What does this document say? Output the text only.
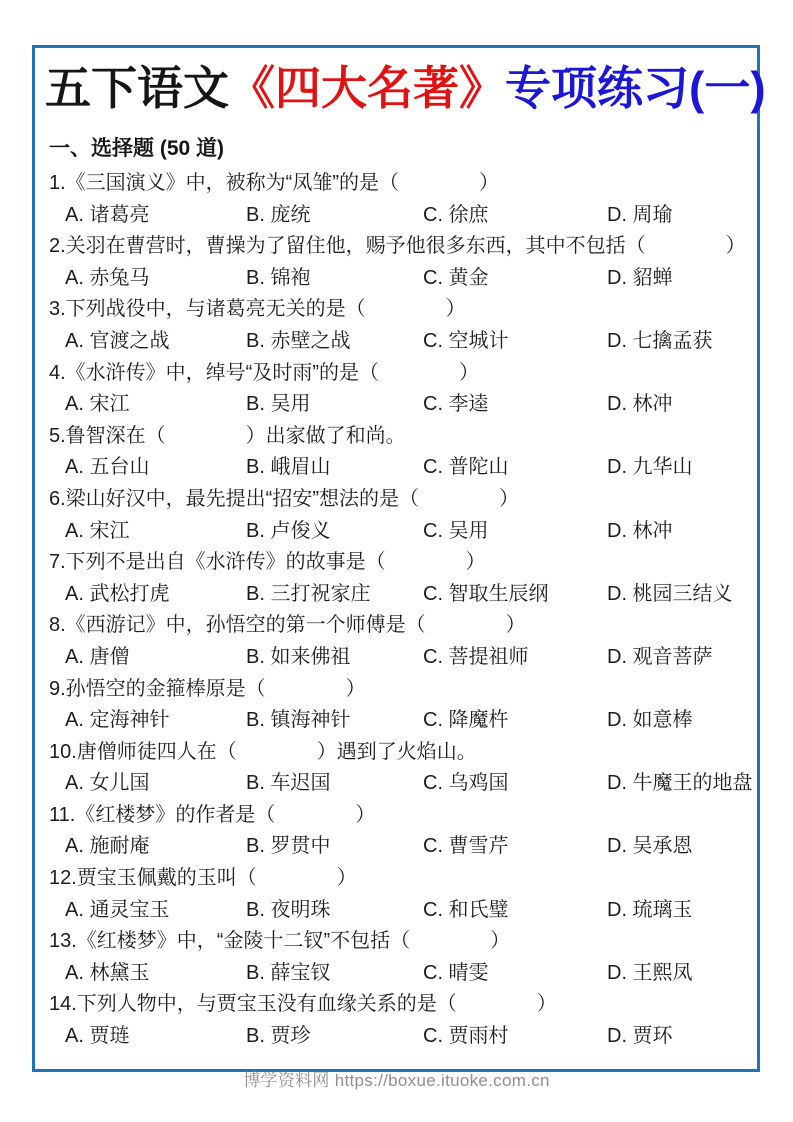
五下语文《四大名著》专项练习(一)
一、选择题 (50 道)
1.《三国演义》中，被称为“凤雏”的是（　　　　）
A. 诸葛亮	B. 庞统	C. 徐庶	D. 周瑜
2.关羽在曹营时，曹操为了留住他，赐予他很多东西，其中不包括（　　　　）
A. 赤兔马	B. 锦袍	C. 黄金	D. 貂蝉
3.下列战役中，与诸葛亮无关的是（　　　　）
A. 官渡之战	B. 赤壁之战	C. 空城计	D. 七擒孟获
4.《水浒传》中，绰号“及时雨”的是（　　　　）
A. 宋江	B. 吴用	C. 李逵	D. 林冲
5.鲁智深在（　　　　）出家做了和尚。
A. 五台山	B. 峨眉山	C. 普陀山	D. 九华山
6.梁山好汉中，最先提出“招安”想法的是（　　　　）
A. 宋江	B. 卢俊义	C. 吴用	D. 林冲
7.下列不是出自《水浒传》的故事是（　　　　）
A. 武松打虎	B. 三打祝家庄	C. 智取生辰纲	D. 桃园三结义
8.《西游记》中，孙悟空的第一个师傅是（　　　　）
A. 唐僧	B. 如来佛祖	C. 菩提祖师	D. 观音菩萨
9.孙悟空的金箍棒原是（　　　　）
A. 定海神针	B. 镇海神针	C. 降魔杵	D. 如意棒
10.唐僧师徒四人在（　　　　）遇到了火焰山。
A. 女儿国	B. 车迟国	C. 乌鸡国	D. 牛魔王的地盘
11.《红楼梦》的作者是（　　　　）
A. 施耐庵	B. 罗贯中	C. 曹雪芹	D. 吴承恩
12.贾宝玉佩戴的玉叫（　　　　）
A. 通灵宝玉	B. 夜明珠	C. 和氏璧	D. 琉璃玉
13.《红楼梦》中，“金陵十二钗”不包括（　　　　）
A. 林黛玉	B. 薛宝钗	C. 晴雯	D. 王熙凤
14.下列人物中，与贾宝玉没有血缘关系的是（　　　　）
A. 贾琏	B. 贾珍	C. 贾雨村	D. 贾环
博学资料网 https://boxue.ituoke.com.cn
